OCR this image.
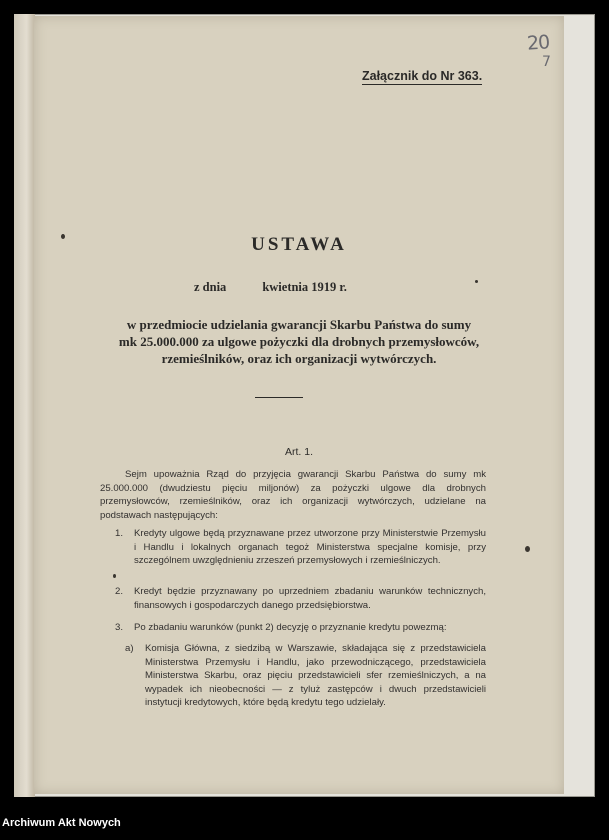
20
7
Załącznik do Nr 363.
USTAWA
z dnia	kwietnia 1919 r.
w przedmiocie udzielania gwarancji Skarbu Państwa do sumy
mk 25.000.000 za ulgowe pożyczki dla drobnych przemysłowców,
rzemieślników, oraz ich organizacji wytwórczych.
Art. 1.
Sejm upoważnia Rząd do przyjęcia gwarancji Skarbu Państwa do sumy mk 25.000.000 (dwudziestu pięciu miljonów) za pożyczki ulgowe dla drobnych przemysłowców, rzemieślników, oraz ich organizacji wytwórczych, udzielane na podstawach następujących:
1. Kredyty ulgowe będą przyznawane przez utworzone przy Ministerstwie Przemysłu i Handlu i lokalnych organach tegoż Ministerstwa specjalne komisje, przy szczególnem uwzględnieniu zrzeszeń przemysłowych i rzemieślniczych.
2. Kredyt będzie przyznawany po uprzedniem zbadaniu warunków technicznych, finansowych i gospodarczych danego przedsiębiorstwa.
3. Po zbadaniu warunków (punkt 2) decyzję o przyznanie kredytu powezmą:
a) Komisja Główna, z siedzibą w Warszawie, składająca się z przedstawiciela Ministerstwa Przemysłu i Handlu, jako przewodniczącego, przedstawiciela Ministerstwa Skarbu, oraz pięciu przedstawicieli sfer rzemieślniczych, a na wypadek ich nieobecności — z tyluż zastępców i dwuch przedstawicieli instytucji kredytowych, które będą kredytu tego udzielały.
Archiwum Akt Nowych
